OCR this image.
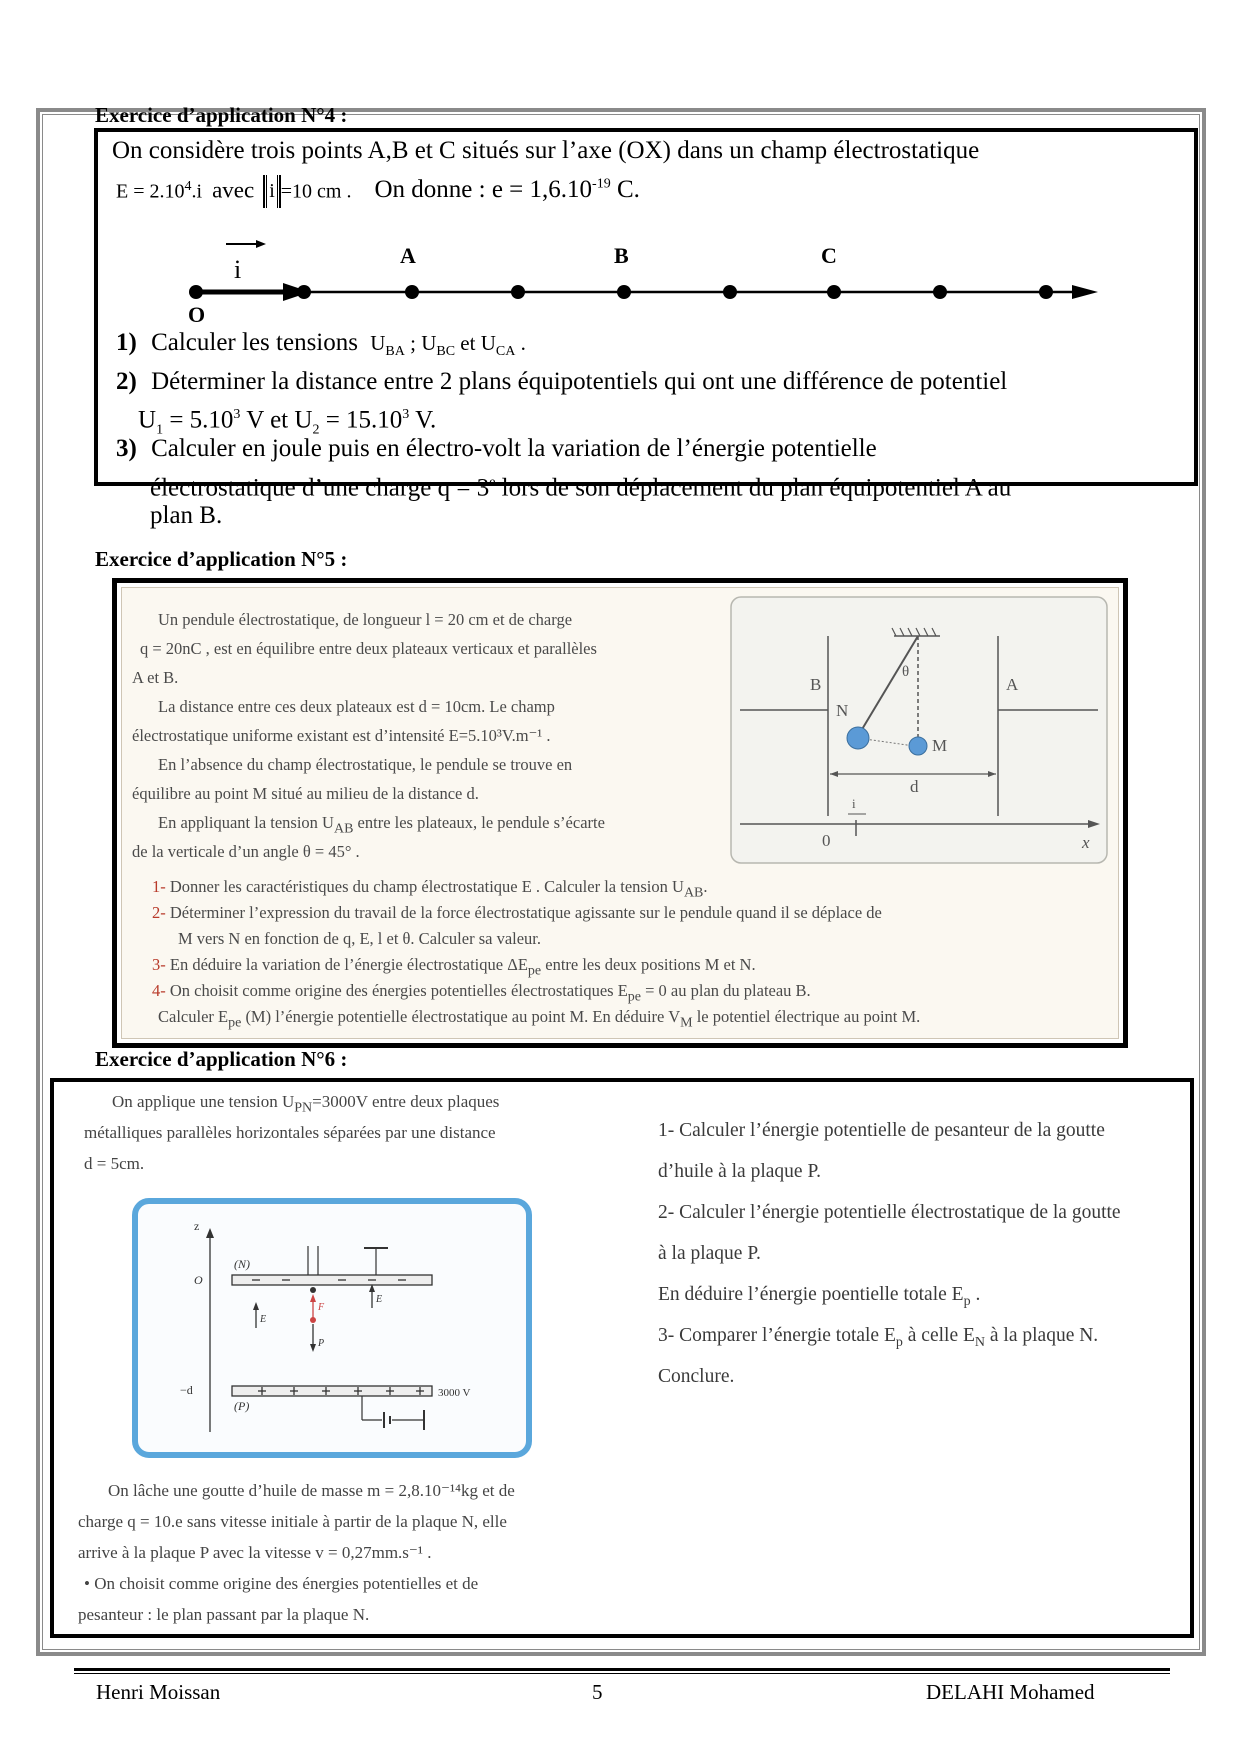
Exercice d’application N°4 :
On considère trois points A,B et C situés sur l’axe (OX) dans un champ électrostatique
$E = 2.10^4.i$ avec i =10 cm . On donne : $e = 1,6.10^{-19}$ C.
i
O
A	B	C
1) Calculer les tensions $U_{BA}$ ; $U_{BC}$ et $U_{CA}$ .
2) Déterminer la distance entre 2 plans équipotentiels qui ont une différence de potentiel
$U_1 = 5.10^3$ V et $U_2 = 15.10^3$ V.
3) Calculer en joule puis en électro-volt la variation de l’énergie potentielle
électrostatique d’une charge $q = 3^e$ lors de son déplacement du plan équipotentiel A au
plan B.
Exercice d’application N°5 :
Un pendule électrostatique, de longueur l = 20 cm et de charge
q = 20nC , est en équilibre entre deux plateaux verticaux et parallèles
A et B.
La distance entre ces deux plateaux est d = 10cm. Le champ
électrostatique uniforme existant est d’intensité E=5.10³V.m⁻¹ .
En l’absence du champ électrostatique, le pendule se trouve en
équilibre au point M situé au milieu de la distance d.
En appliquant la tension $U_{AB}$ entre les plateaux, le pendule s’écarte
de la verticale d’un angle θ = 45° .
1- Donner les caractéristiques du champ électrostatique E . Calculer la tension $U_{AB}$.
2- Déterminer l’expression du travail de la force électrostatique agissante sur le pendule quand il se déplace de
M vers N en fonction de q, E, l et θ. Calculer sa valeur.
3- En déduire la variation de l’énergie électrostatique $\Delta E_{pe}$ entre les deux positions M et N.
4- On choisit comme origine des énergies potentielles électrostatiques $E_{pe} = 0$ au plan du plateau B.
Calculer $E_{pe}$ (M) l’énergie potentielle électrostatique au point M. En déduire $V_M$ le potentiel électrique au point M.
B	A
N
M
θ
d
0
i
x
Exercice d’application N°6 :
On applique une tension $U_{PN}=3000V$ entre deux plaques
métalliques parallèles horizontales séparées par une distance
d = 5cm.
z
(N)
O
−d
(P)
3000 V
E
F
P
E
On lâche une goutte d’huile de masse m = 2,8.10⁻¹⁴kg et de
charge q = 10.e sans vitesse initiale à partir de la plaque N, elle
arrive à la plaque P avec la vitesse v = 0,27mm.s⁻¹ .
• On choisit comme origine des énergies potentielles et de
pesanteur : le plan passant par la plaque N.
1- Calculer l’énergie potentielle de pesanteur de la goutte
d’huile à la plaque P.
2- Calculer l’énergie potentielle électrostatique de la goutte
à la plaque P.
En déduire l’énergie poentielle totale $E_p$ .
3- Comparer l’énergie totale $E_p$ à celle $E_N$ à la plaque N.
Conclure.
Henri Moissan	5	DELAHI Mohamed
